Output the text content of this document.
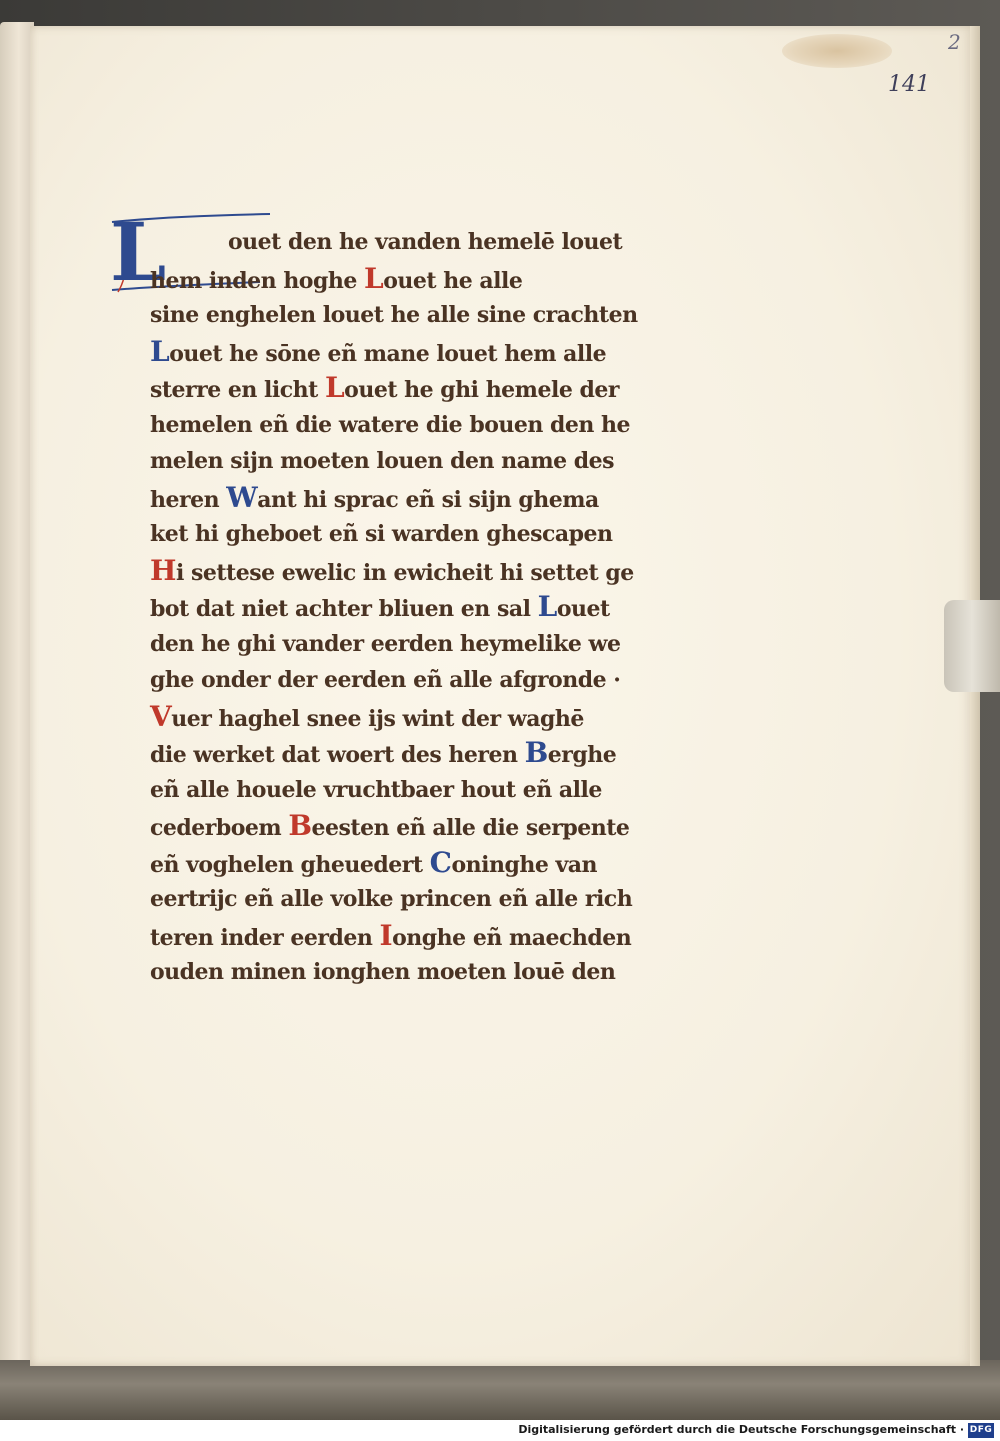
141
2
L	ouet den he vanden hemelē louet
hem inden hoghe Louet he alle
sine enghelen louet he alle sine crachten
Louet he sōne eñ mane louet hem alle
sterre en licht Louet he ghi hemele der
hemelen eñ die watere die bouen den he
melen sijn moeten louen den name des
heren Want hi sprac eñ si sijn ghema
ket hi gheboet eñ si warden ghescapen
Hi settese ewelic in ewicheit hi settet ge
bot dat niet achter bliuen en sal Louet
den he ghi vander eerden heymelike we
ghe onder der eerden eñ alle afgronde ·
Vuer haghel snee ijs wint der waghē
die werket dat woert des heren Berghe
eñ alle houele vruchtbaer hout eñ alle
cederboem Beesten eñ alle die serpente
eñ voghelen gheuedert Coninghe van
eertrijc eñ alle volke princen eñ alle rich
teren inder eerden Ionghe eñ maechden
ouden minen ionghen moeten louē den
Digitalisierung gefördert durch die Deutsche Forschungsgemeinschaft · DFG
